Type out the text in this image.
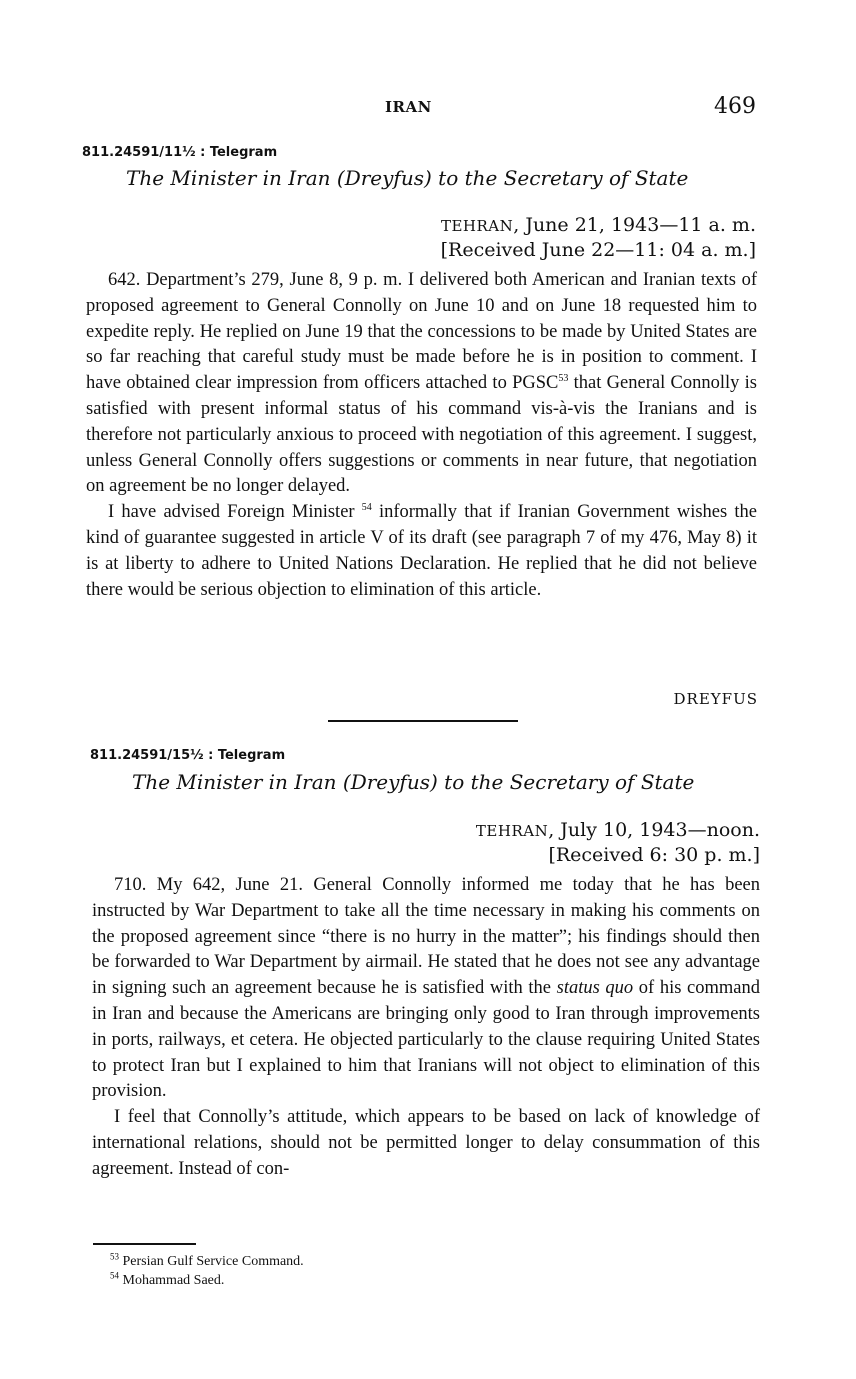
IRAN	469
811.24591/11½ : Telegram
The Minister in Iran (Dreyfus) to the Secretary of State
TEHRAN, June 21, 1943—11 a. m.
[Received June 22—11: 04 a. m.]

642. Department’s 279, June 8, 9 p. m. I delivered both American and Iranian texts of proposed agreement to General Connolly on June 10 and on June 18 requested him to expedite reply. He replied on June 19 that the concessions to be made by United States are so far reaching that careful study must be made before he is in position to comment. I have obtained clear impression from officers attached to PGSC$^{53}$ that General Connolly is satisfied with present informal status of his command vis-à-vis the Iranians and is therefore not particularly anxious to proceed with negotiation of this agreement. I suggest, unless General Connolly offers suggestions or comments in near future, that negotiation on agreement be no longer delayed.

I have advised Foreign Minister $^{54}$ informally that if Iranian Government wishes the kind of guarantee suggested in article V of its draft (see paragraph 7 of my 476, May 8) it is at liberty to adhere to United Nations Declaration. He replied that he did not believe there would be serious objection to elimination of this article.

DREYFUS
811.24591/15½ : Telegram
The Minister in Iran (Dreyfus) to the Secretary of State
TEHRAN, July 10, 1943—noon.
[Received 6: 30 p. m.]

710. My 642, June 21. General Connolly informed me today that he has been instructed by War Department to take all the time necessary in making his comments on the proposed agreement since “there is no hurry in the matter”; his findings should then be forwarded to War Department by airmail. He stated that he does not see any advantage in signing such an agreement because he is satisfied with the status quo of his command in Iran and because the Americans are bringing only good to Iran through improvements in ports, railways, et cetera. He objected particularly to the clause requiring United States to protect Iran but I explained to him that Iranians will not object to elimination of this provision.

I feel that Connolly’s attitude, which appears to be based on lack of knowledge of international relations, should not be permitted longer to delay consummation of this agreement. Instead of con-

$^{53}$ Persian Gulf Service Command.
$^{54}$ Mohammad Saed.
